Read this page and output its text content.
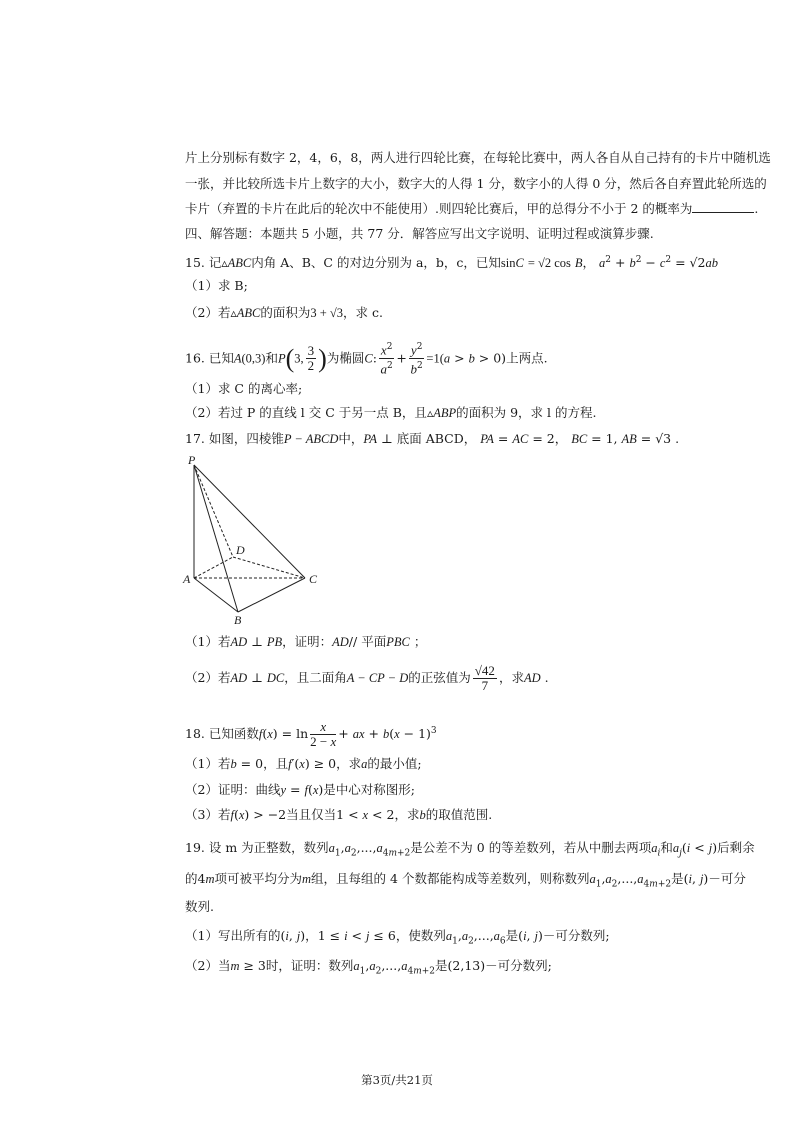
片上分别标有数字 2，4，6，8，两人进行四轮比赛，在每轮比赛中，两人各自从自己持有的卡片中随机选
一张，并比较所选卡片上数字的大小，数字大的人得 1 分，数字小的人得 0 分，然后各自弃置此轮所选的
卡片（弃置的卡片在此后的轮次中不能使用）.则四轮比赛后，甲的总得分不小于 2 的概率为	.
四、解答题：本题共 5 小题，共 77 分．解答应写出文字说明、证明过程或演算步骤.
15. 记▵ABC内角 A、B、C 的对边分别为 a，b，c，已知sinC = √2 cos B， $a^2 + b^2 - c^2 = √2ab$
（1）求 B;
（2）若▵ABC的面积为3 + √3，求 c.
16. 已知A(0,3)和P(3, $\frac{3}{2}$ )为椭圆C: $\frac{x^2}{a^2} + \frac{y^2}{b^2} =1(a > b > 0)$上两点.
（1）求 C 的离心率;
（2）若过 P 的直线 l 交 C 于另一点 B，且▵ABP的面积为 9，求 l 的方程.
17. 如图，四棱锥P − ABCD中，PA ⊥ 底面 ABCD， PA = AC = 2， BC = 1, AB = √3 .
P
D
A	C
B
（1）若AD ⊥ PB，证明：AD// 平面PBC ；
（2）若AD ⊥ DC，且二面角A − CP − D的正弦值为 $\frac{√42}{7}$ ，求AD .
18. 已知函数$f(x) = \ln \frac{x}{2 - x}$ + ax + $b(x - 1)^3$
（1）若b = 0，且f′(x) ≥ 0，求a的最小值;
（2）证明：曲线y = f(x)是中心对称图形;
（3）若f(x) > −2当且仅当1 < x < 2，求b的取值范围.
19. 设 m 为正整数，数列$a_1,a_2,...,a_{4m+2}$是公差不为 0 的等差数列，若从中删去两项$a_i$和$a_j(i < j)$后剩余
的4m项可被平均分为m组，且每组的 4 个数都能构成等差数列，则称数列$a_1,a_2,...,a_{4m+2}$是(i, j)－可分
数列.
（1）写出所有的(i, j)，1 ≤ i < j ≤ 6，使数列$a_1,a_2,...,a_6$是(i, j)－可分数列;
（2）当m ≥ 3时，证明：数列$a_1,a_2,...,a_{4m+2}$是(2,13)－可分数列;
第3页/共21页
